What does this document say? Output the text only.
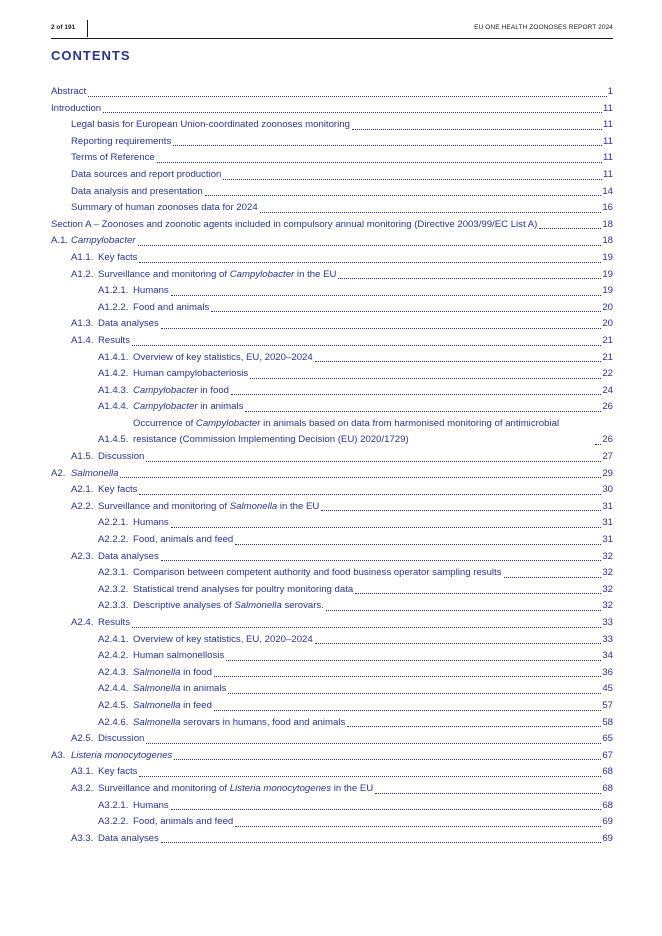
2 of 191	EU ONE HEALTH ZOONOSES REPORT 2024
CONTENTS
Abstract	1
Introduction	11
Legal basis for European Union-coordinated zoonoses monitoring	11
Reporting requirements	11
Terms of Reference	11
Data sources and report production	11
Data analysis and presentation	14
Summary of human zoonoses data for 2024	16
Section A – Zoonoses and zoonotic agents included in compulsory annual monitoring (Directive 2003/99/EC List A)	18
A.1. Campylobacter	18
A1.1. Key facts	19
A1.2. Surveillance and monitoring of Campylobacter in the EU	19
A1.2.1. Humans	19
A1.2.2. Food and animals	20
A1.3. Data analyses	20
A1.4. Results	21
A1.4.1. Overview of key statistics, EU, 2020–2024	21
A1.4.2. Human campylobacteriosis	22
A1.4.3. Campylobacter in food	24
A1.4.4. Campylobacter in animals	26
A1.4.5.
Occurrence of Campylobacter in animals based on data from harmonised monitoring of antimicrobial resistance (Commission Implementing Decision (EU) 2020/1729)	26
A1.5. Discussion	27
A2. Salmonella	29
A2.1. Key facts	30
A2.2. Surveillance and monitoring of Salmonella in the EU	31
A2.2.1. Humans	31
A2.2.2. Food, animals and feed	31
A2.3. Data analyses	32
A2.3.1. Comparison between competent authority and food business operator sampling results	32
A2.3.2. Statistical trend analyses for poultry monitoring data	32
A2.3.3. Descriptive analyses of Salmonella serovars.	32
A2.4. Results	33
A2.4.1. Overview of key statistics, EU, 2020–2024	33
A2.4.2. Human salmonellosis	34
A2.4.3. Salmonella in food	36
A2.4.4. Salmonella in animals	45
A2.4.5. Salmonella in feed	57
A2.4.6. Salmonella serovars in humans, food and animals	58
A2.5. Discussion	65
A3. Listeria monocytogenes	67
A3.1. Key facts	68
A3.2. Surveillance and monitoring of Listeria monocytogenes in the EU	68
A3.2.1. Humans	68
A3.2.2. Food, animals and feed	69
A3.3. Data analyses	69
